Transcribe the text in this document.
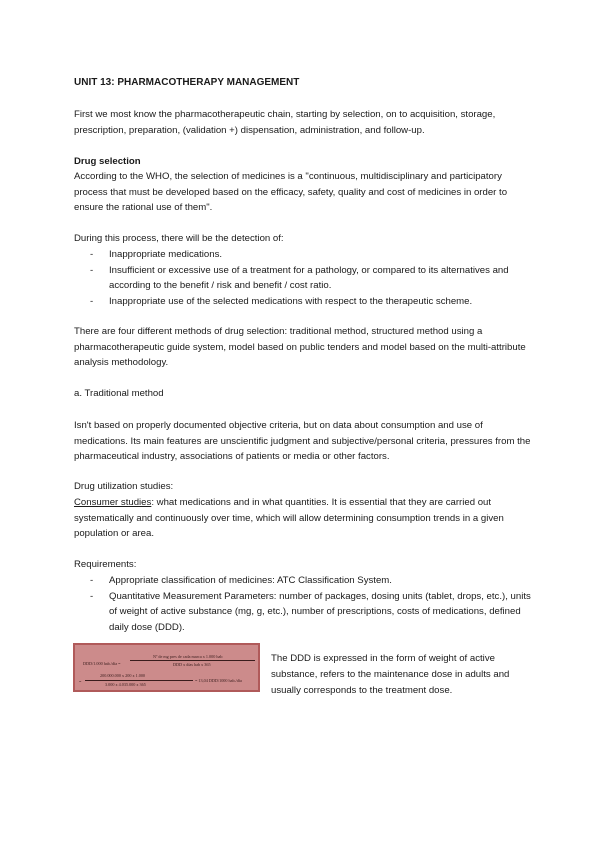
UNIT 13: PHARMACOTHERAPY MANAGEMENT

First we most know the pharmacotherapeutic chain, starting by selection, on to acquisition, storage, prescription, preparation, (validation +) dispensation, administration, and follow-up.

Drug selection

According to the WHO, the selection of medicines is a "continuous, multidisciplinary and participatory process that must be developed based on the efficacy, safety, quality and cost of medicines in order to ensure the rational use of them".

During this process, there will be the detection of:

- Inappropriate medications.
- Insufficient or excessive use of a treatment for a pathology, or compared to its alternatives and according to the benefit / risk and benefit / cost ratio.
- Inappropriate use of the selected medications with respect to the therapeutic scheme.

There are four different methods of drug selection: traditional method, structured method using a pharmacotherapeutic guide system, model based on public tenders and model based on the multi-attribute analysis methodology.

a. Traditional method

Isn't based on properly documented objective criteria, but on data about consumption and use of medications. Its main features are unscientific judgment and subjective/personal criteria, pressures from the pharmaceutical industry, associations of patients or media or other factors.

Drug utilization studies:

Consumer studies: what medications and in what quantities. It is essential that they are carried out systematically and continuously over time, which will allow determining consumption trends in a given population or area.

Requirements:

- Appropriate classification of medicines: ATC Classification System.
- Quantitative Measurement Parameters: number of packages, dosing units (tablet, drops, etc.), units of weight of active substance (mg, g, etc.), number of prescriptions, costs of medications, defined daily dose (DDD).
DDD/1.000 hab./día =
Nº de mg pres de cada marca x 1.000 hab
DDD x días hab x 365
=
200.000.000 x 200 x 1.000
3.000 x 4.035.000 x 365
= 13,04 DDD/1000 hab./día

The DDD is expressed in the form of weight of active substance, refers to the maintenance dose in adults and usually corresponds to the treatment dose.
